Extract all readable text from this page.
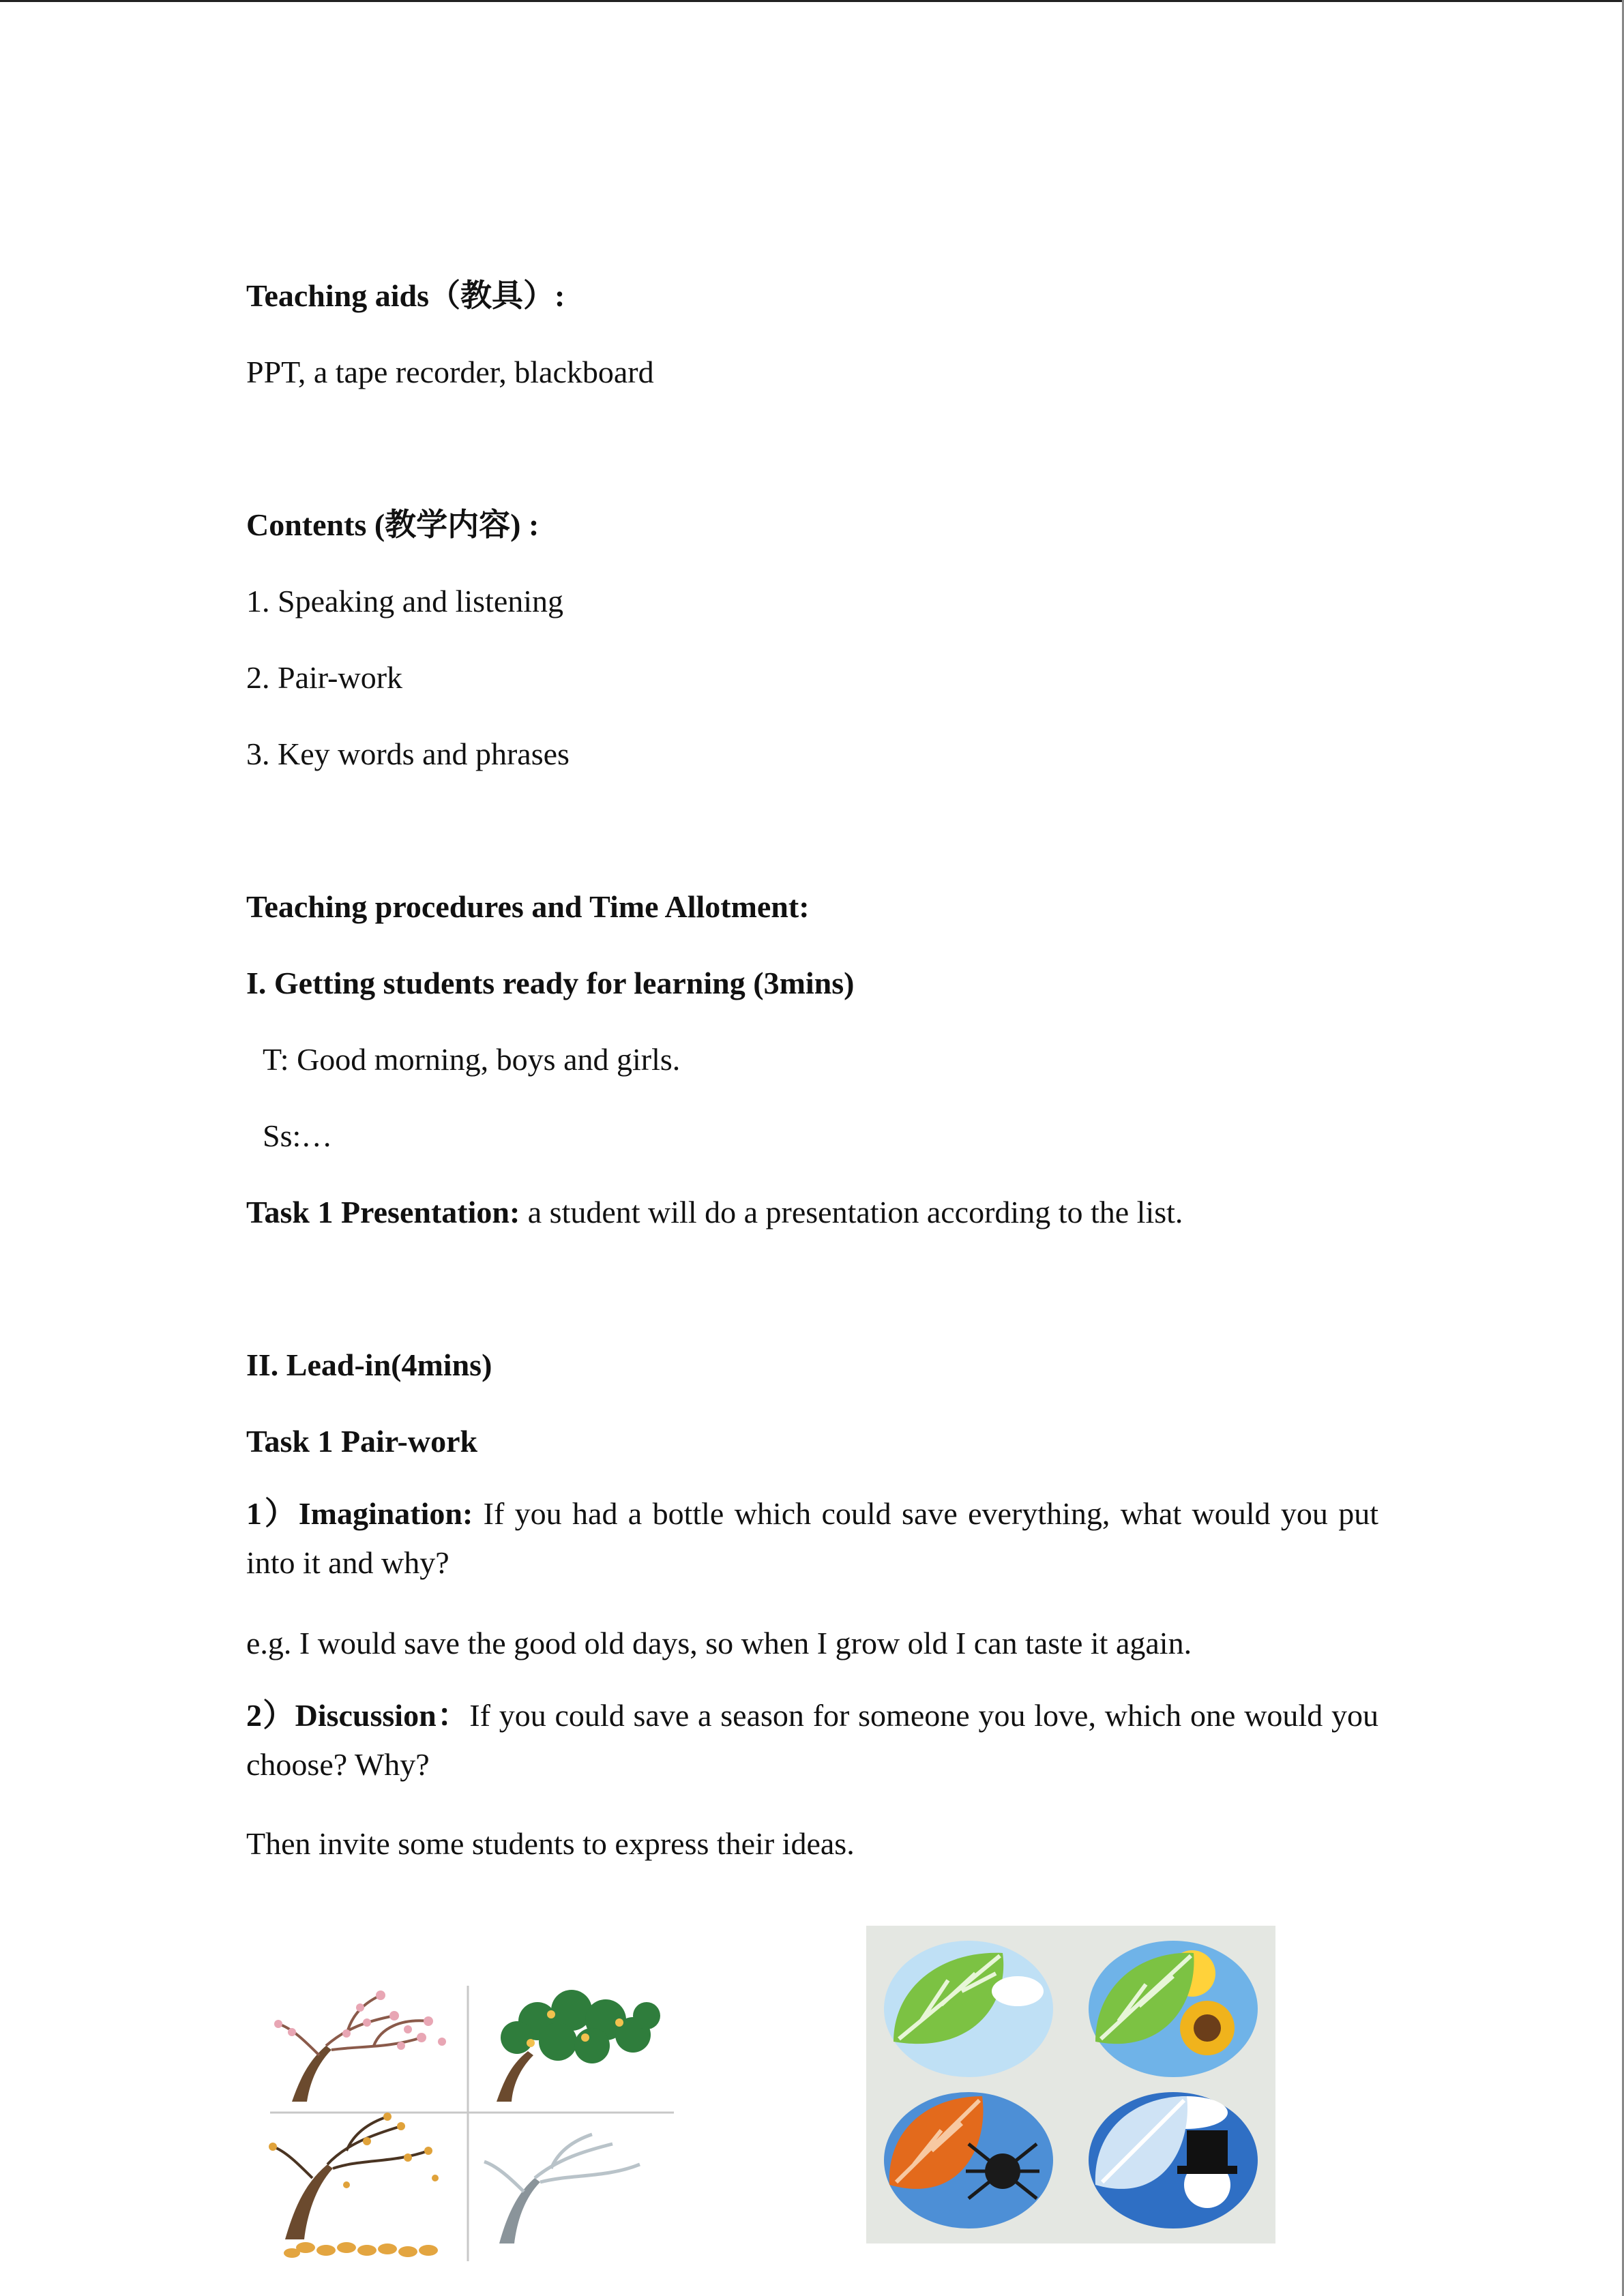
Teaching aids（教具）:
PPT, a tape recorder, blackboard
Contents (教学内容) :
1. Speaking and listening
2. Pair-work
3. Key words and phrases
Teaching procedures and Time Allotment:
I. Getting students ready for learning (3mins)
T: Good morning, boys and girls.
Ss:…
Task 1 Presentation: a student will do a presentation according to the list.
II. Lead-in(4mins)
Task 1 Pair-work
1）Imagination: If you had a bottle which could save everything, what would you put into it and why?
e.g. I would save the good old days, so when I grow old I can taste it again.
2）Discussion：If you could save a season for someone you love, which one would you choose? Why?
Then invite some students to express their ideas.
